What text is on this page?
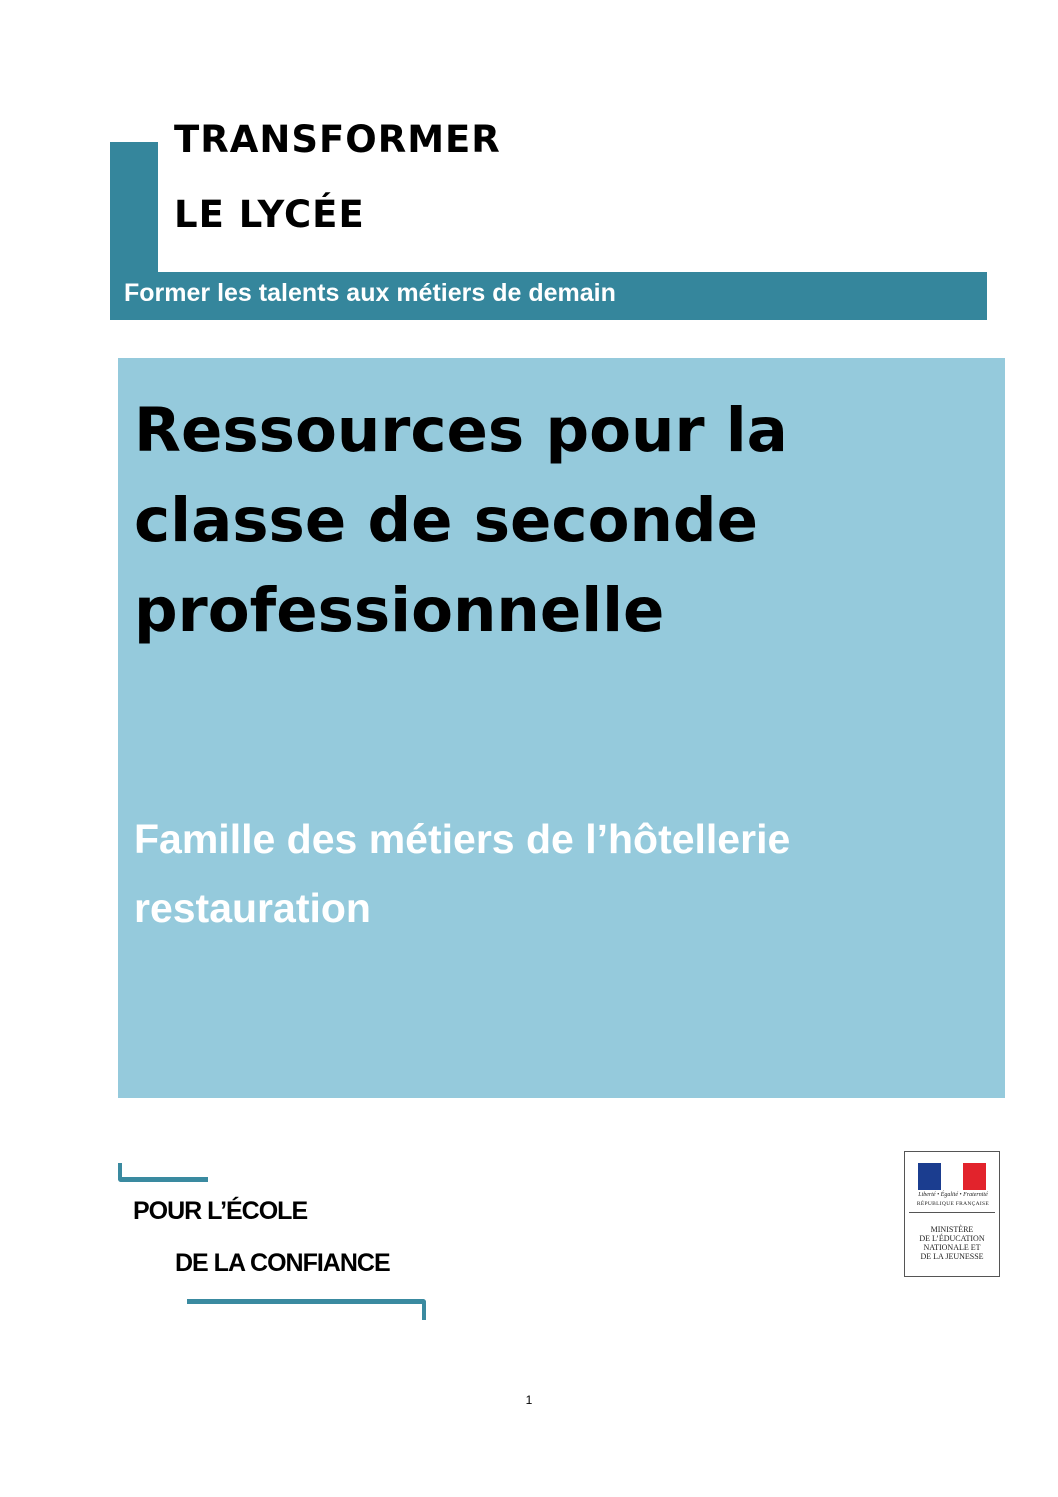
TRANSFORMER
LE LYCÉE
Former les talents aux métiers de demain
Ressources pour la
classe de seconde
professionnelle
Famille des métiers de l’hôtellerie
restauration
POUR L’ÉCOLE
DE LA CONFIANCE
Liberté • Égalité • Fraternité
RÉPUBLIQUE FRANÇAISE
MINISTÈRE
DE L’ÉDUCATION
NATIONALE ET
DE LA JEUNESSE
1
